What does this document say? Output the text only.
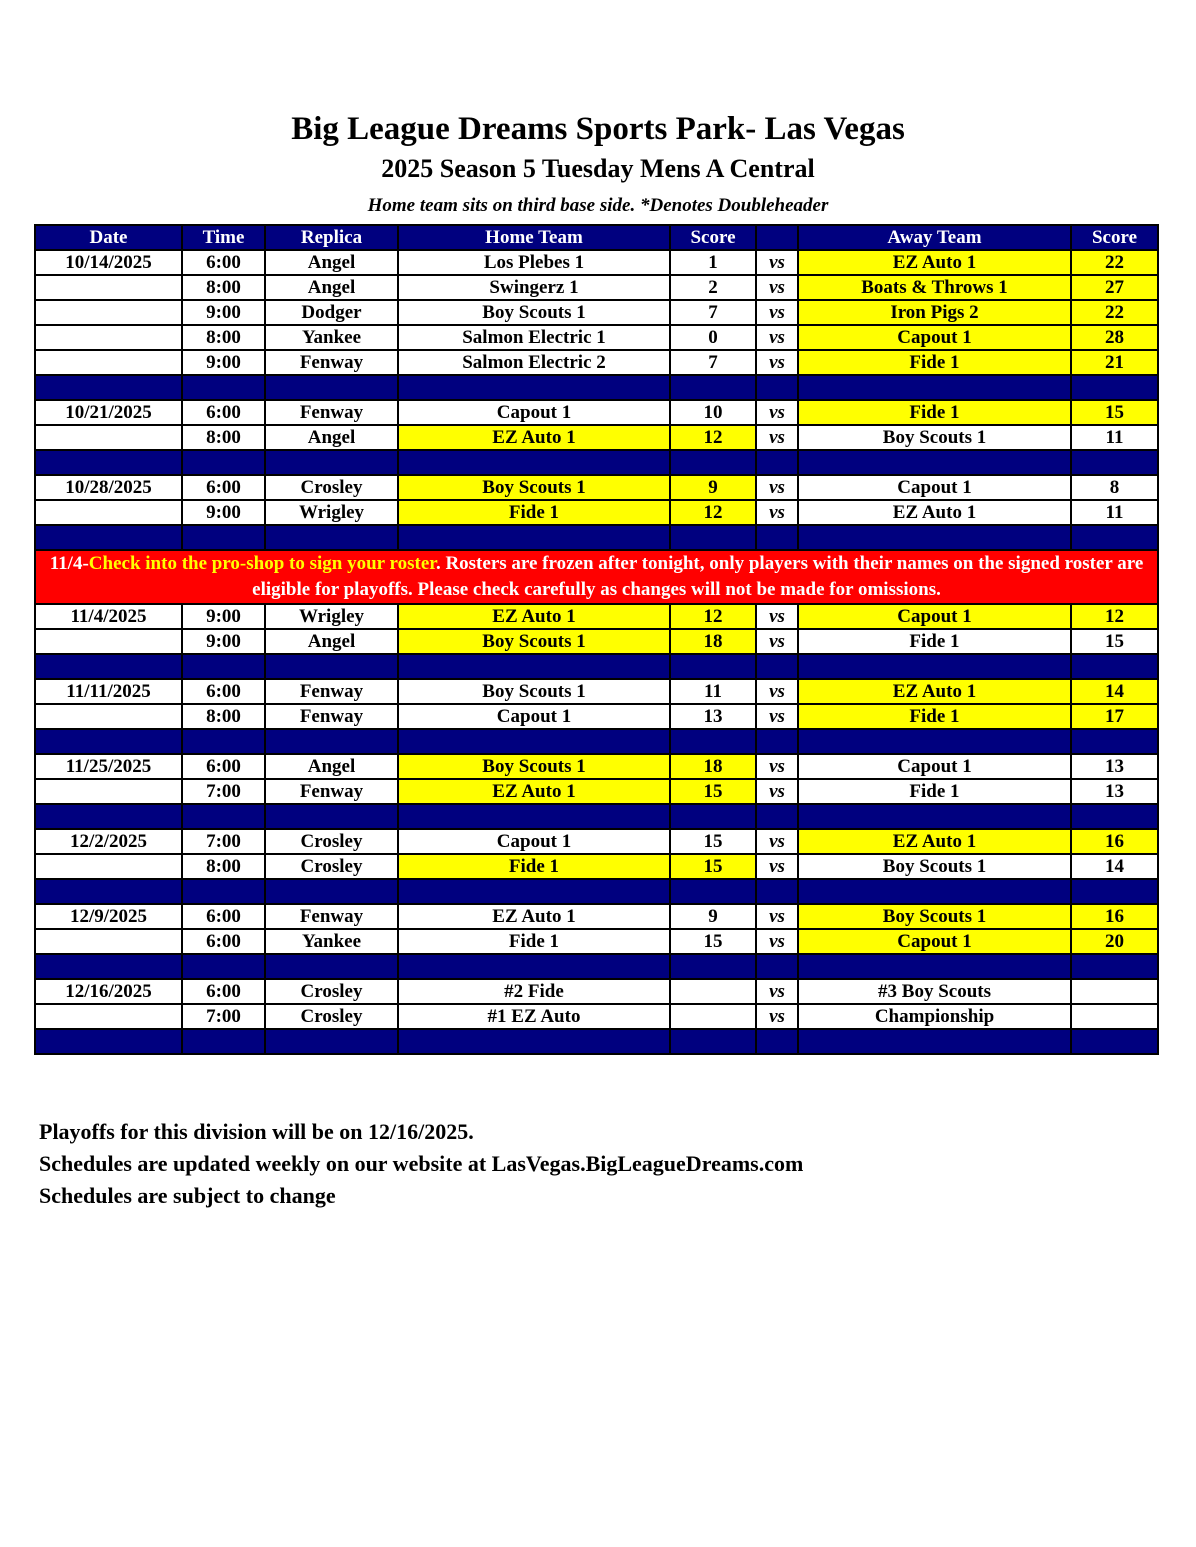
Big League Dreams Sports Park- Las Vegas
2025 Season 5 Tuesday Mens A Central
Home team sits on third base side. *Denotes Doubleheader
Date	Time	Replica	Home Team	Score		Away Team	Score
10/14/2025	6:00	Angel	Los Plebes 1	1	vs	EZ Auto 1	22
	8:00	Angel	Swingerz 1	2	vs	Boats & Throws 1	27
	9:00	Dodger	Boy Scouts 1	7	vs	Iron Pigs 2	22
	8:00	Yankee	Salmon Electric 1	0	vs	Capout 1	28
	9:00	Fenway	Salmon Electric 2	7	vs	Fide 1	21

10/21/2025	6:00	Fenway	Capout 1	10	vs	Fide 1	15
	8:00	Angel	EZ Auto 1	12	vs	Boy Scouts 1	11

10/28/2025	6:00	Crosley	Boy Scouts 1	9	vs	Capout 1	8
	9:00	Wrigley	Fide 1	12	vs	EZ Auto 1	11

11/4-Check into the pro-shop to sign your roster. Rosters are frozen after tonight, only players with their names on the signed roster are eligible for playoffs. Please check carefully as changes will not be made for omissions.							
11/4/2025	9:00	Wrigley	EZ Auto 1	12	vs	Capout 1	12
	9:00	Angel	Boy Scouts 1	18	vs	Fide 1	15

11/11/2025	6:00	Fenway	Boy Scouts 1	11	vs	EZ Auto 1	14
	8:00	Fenway	Capout 1	13	vs	Fide 1	17

11/25/2025	6:00	Angel	Boy Scouts 1	18	vs	Capout 1	13
	7:00	Fenway	EZ Auto 1	15	vs	Fide 1	13

12/2/2025	7:00	Crosley	Capout 1	15	vs	EZ Auto 1	16
	8:00	Crosley	Fide 1	15	vs	Boy Scouts 1	14

12/9/2025	6:00	Fenway	EZ Auto 1	9	vs	Boy Scouts 1	16
	6:00	Yankee	Fide 1	15	vs	Capout 1	20

12/16/2025	6:00	Crosley	#2 Fide		vs	#3 Boy Scouts	
	7:00	Crosley	#1 EZ Auto		vs	Championship	

Playoffs for this division will be on 12/16/2025.
Schedules are updated weekly on our website at LasVegas.BigLeagueDreams.com
Schedules are subject to change
